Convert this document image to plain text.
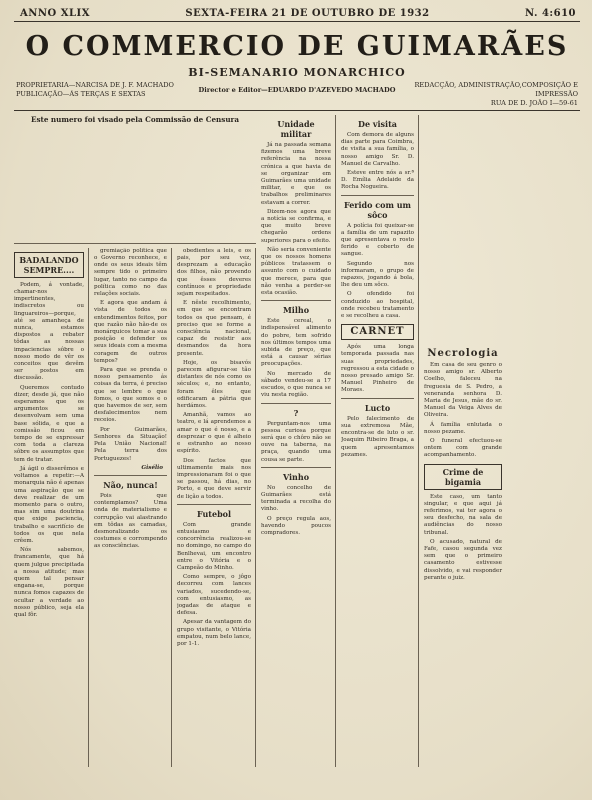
ANNO XLIX	SEXTA-FEIRA 21 DE OUTUBRO DE 1932	N. 4:610
O COMMERCIO DE GUIMARÃES
BI-SEMANARIO MONARCHICO
PROPRIETARIA—NARCISA DE J. F. MACHADO
PUBLICAÇÃO—ÁS TERÇAS E SEXTAS	Director e Editor—EDUARDO D'AZEVEDO MACHADO
REDACÇÃO, ADMINISTRAÇÃO,COMPOSIÇÃO E IMPRESSÃO
RUA DE D. JOÃO I—59-61
Este numero foi visado pela Commissão de Censura
BADALANDO SEMPRE....

Podem, á vontade, chamar-nos impertinentes, indiscretos ou linguareiros—porque, até se amanheça de nunca, estamos dispostos a rebater tôdas as nossas impaciencias sôbre o nosso modo de vêr os conceitos que devêm ser postos em discussão.

Queremos contudo dizer, desde já, que não esperamos que os argumentos se desenvolvam sem uma base sólida, e que a comissão ficou em tempo de se expressar com toda a clareza sôbre os assumptos que tem de tratar.

Já ágil o disserêmos e voltamos a repetir:—A monarquia não é apenas uma aspiração que se deve realizar de um momento para o outro, mas sim uma doutrina que exige paciencia, trabalho e sacrifício de todos os que nela crêem.

Nós sabemos, francamente, que há quem julgue precipitada a nossa atitude; mas quem tal pensar engana-se, porque nunca fomos capazes de ocultar a verdade ao nosso público, seja ela qual fôr.

gremiação política que o Governo reconhece, e onde os seus ideais têm sempre tido o primeiro lugar, tanto no campo da política como no das relações sociais.

E agora que andam á vista de todos os entendimentos feitos, por que razão não hão-de os monárquicos tomar a sua posição e defender os seus ideais com a mesma coragem de outros tempos?

Para que se prenda o nosso pensamento ás coisas da terra, é preciso que se lembre o que fomos, o que somos e o que havemos de ser, sem desfalecimentos nem receios.

Por Guimarães, Senhores da Situação! Pela União Nacional! Pela terra dos Portuguezes!

Gisélio
Não, nunca!

Pois que contemplamos? Uma onda de materialismo e corrupção vai alastrando em tôdas as camadas, desmoralizando os costumes e corrompendo as consciências.

obedientes a leis, e os pais, por seu vez, desprezam a educação dos filhos, não provendo que êsses deveres contínuos e propriedade sejam respeitados.

E nêste recolhimento, em que se encontram todos os que pensam, é preciso que se forme a consciência nacional, capaz de resistir aos desmandos da hora presente.

Hoje, os bisavós parecem afigurar-se tão distantes de nós como os séculos; e, no entanto, foram êles que edificaram a pátria que herdámos.

Amanhã, vamos ao teatro, e lá aprendemos a amar o que é nosso, e a desprezar o que é alheio e estranho ao nosso espírito.

Dos factos que ultimamente mais nos impressionaram foi o que se passou, há dias, no Porto, e que deve servir de lição a todos.

Futebol

Com grande entusiasmo e concorrência realizou-se no domingo, no campo do Benlhevai, um encontro entre o Vitória e o Campeão do Minho.

Como sempre, o jôgo decorreu com lances variados, sucedendo-se, com entusiasmo, as jogadas de ataque e defesa.

Apesar da vantagem do grupo visitante, o Vitória empatou, num belo lance, por 1-1.

Unidade militar

Já na passada semana fizemos uma breve referência na nossa crónica a que havia de se organizar em Guimarães uma unidade militar, e que os trabalhos preliminares estavam a correr.

Dizem-nos agora que a notícia se confirma, e que muito breve chegarão ordens superiores para o efeito.

Não seria conveniente que os nossos homens públicos tratassem o assunto com o cuidado que merece, para que não venha a perder-se esta ocasião.

Milho

Este cereal, o indispensável alimento do pobre, tem sofrido nos últimos tempos uma subida de preço, que está a causar sérias preocupações.

No mercado de sábado vendeu-se a 17 escudos, o que nunca se viu nesta região.

?

Perguntam-nos uma pessoa curiosa porque será que o chôro não se ouve na taberna, na praça, quando uma cousa se parte.

Vinho

No concelho de Guimarães está terminada a recolha do vinho.

O preço regula aos, havendo poucos compradores.

De visita

Com demora de alguns dias parte para Coimbra, de visita a sua família, o nosso amigo Sr. D. Manuel de Carvalho.

Esteve entre nós a sr.ª D. Emília Adelaide da Rocha Nogueira.

Ferido com um sôco

A polícia foi queixar-se a família de um rapazito que apresentava o rosto ferido e coberto de sangue.

Segundo nos informaram, o grupo de rapazes, jogando á bola, lhe deu um sôco.

O ofendido foi conduzido ao hospital, onde recebeu tratamento e se recolheu a casa.

CARNET

Após uma longa temporada passada nas suas propriedades, regressou a esta cidade o nosso presado amigo Sr. Manuel Pinheiro de Moraes.

Lucto

Pelo falecimento de sua extremosa Mãe, encontra-se de luto o sr. Joaquim Ribeiro Braga, a quem apresentamos pezames.

Necrologia

Em casa de seu genro o nosso amigo sr. Alberto Coelho, faleceu na freguesia de S. Pedro, a veneranda senhora D. Maria de Jesus, mãe do sr. Manuel da Veiga Alves de Oliveira.

Á família enlutada o nosso pezame.

O funeral efectuou-se ontem com grande acompanhamento.

Crime de bigamia

Este caso, um tanto singular, e que aqui já referimos, vai ter agora o seu desfecho, na sala de audiências do nosso tribunal.

O acusado, natural de Fafe, casou segunda vez sem que o primeiro casamento estivesse dissolvido, e vai responder perante o juiz.
